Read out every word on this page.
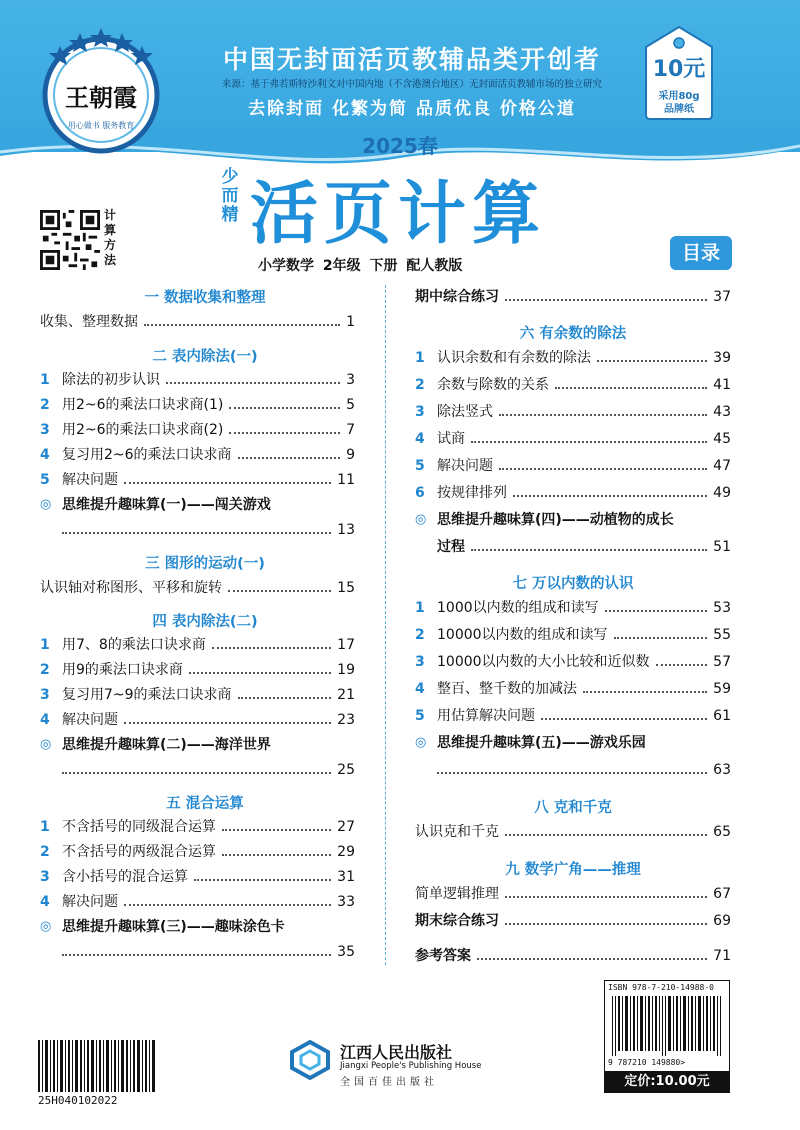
王朝霞
用心做书 服务教育
中国无封面活页教辅品类开创者
来源：基于弗若斯特沙利文对中国内地（不含港澳台地区）无封面活页教辅市场的独立研究
去除封面 化繁为简 品质优良 价格公道
10元
采用80g
品牌纸
2025春
少
而
精 活页计算
小学数学 2年级 下册 配人教版
目录
计
算
方
法
一 数据收集和整理
收集、整理数据	1
二 表内除法(一)
1 除法的初步认识	3
2 用2~6的乘法口诀求商(1)	5
3 用2~6的乘法口诀求商(2)	7
4 复习用2~6的乘法口诀求商	9
5 解决问题	11
◎ 思维提升趣味算(一)——闯关游戏
13
三 图形的运动(一)
认识轴对称图形、平移和旋转	15
四 表内除法(二)
1 用7、8的乘法口诀求商	17
2 用9的乘法口诀求商	19
3 复习用7~9的乘法口诀求商	21
4 解决问题	23
◎ 思维提升趣味算(二)——海洋世界
25
五 混合运算
1 不含括号的同级混合运算	27
2 不含括号的两级混合运算	29
3 含小括号的混合运算	31
4 解决问题	33
◎ 思维提升趣味算(三)——趣味涂色卡
35
期中综合练习	37
六 有余数的除法
1 认识余数和有余数的除法	39
2 余数与除数的关系	41
3 除法竖式	43
4 试商	45
5 解决问题	47
6 按规律排列	49
◎ 思维提升趣味算(四)——动植物的成长
过程	51
七 万以内数的认识
1 1000以内数的组成和读写	53
2 10000以内数的组成和读写	55
3 10000以内数的大小比较和近似数	57
4 整百、整千数的加减法	59
5 用估算解决问题	61
◎ 思维提升趣味算(五)——游戏乐园
63
八 克和千克
认识克和千克	65
九 数学广角——推理
简单逻辑推理	67
期末综合练习	69
参考答案	71
25H040102022
江西人民出版社
Jiangxi People's Publishing House
全国百佳出版社
ISBN 978-7-210-14988-0
9 787210 149880>
定价:10.00元
